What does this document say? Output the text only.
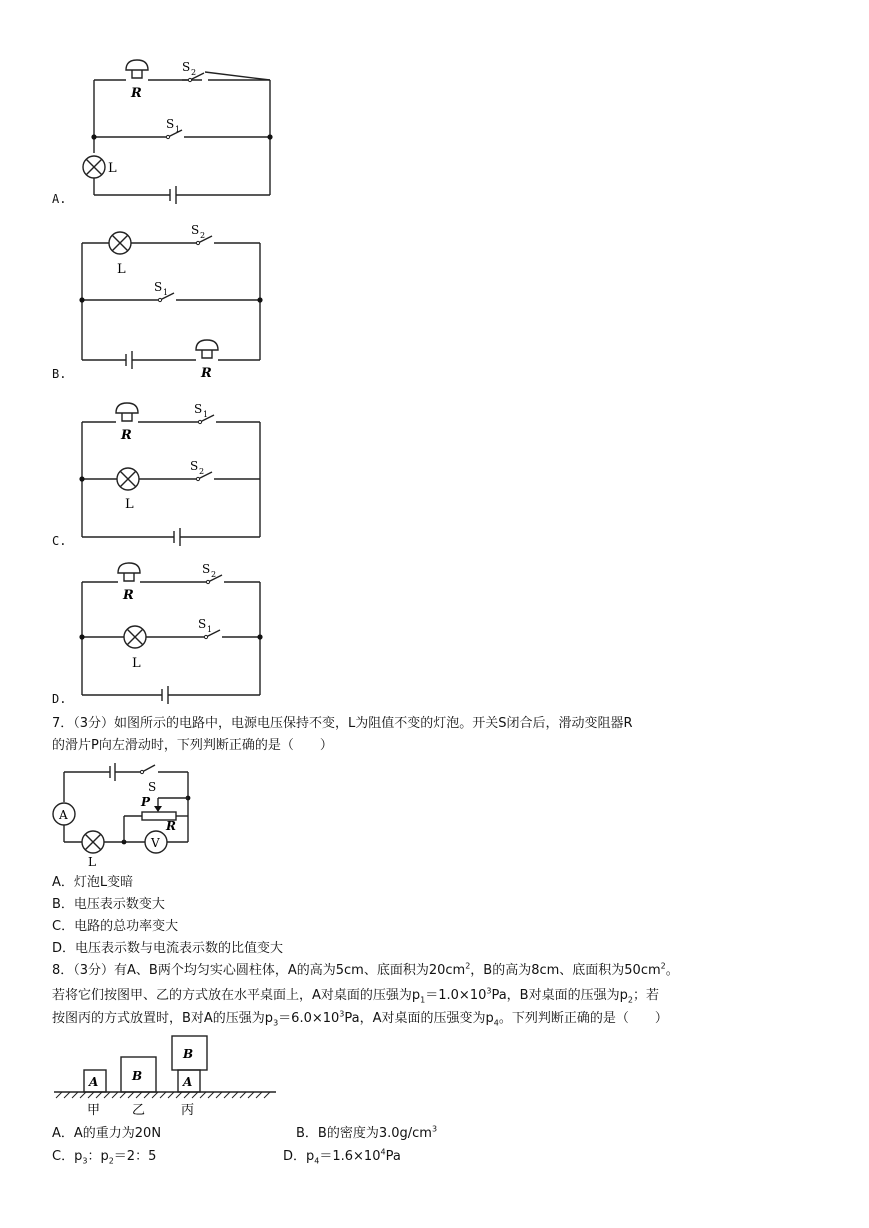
A.
R
S 2
S 1
L
B.
L
S 2
S 1
R
C.
R
S 1
L
S 2
D.
R
S 2
L
S 1
7．（3分）如图所示的电路中，电源电压保持不变，L为阻值不变的灯泡。开关S闭合后，滑动变阻器R
的滑片P向左滑动时，下列判断正确的是（　　）
S
A
L
V
P
R
A．灯泡L变暗
B．电压表示数变大
C．电路的总功率变大
D．电压表示数与电流表示数的比值变大
8．（3分）有A、B两个均匀实心圆柱体，A的高为5cm、底面积为$20cm^2$，B的高为8cm、底面积为$50cm^2$。
若将它们按图甲、乙的方式放在水平桌面上，A对桌面的压强为$p_1=1.0\times 10^3Pa$，B对桌面的压强为$p_2$；若
按图丙的方式放置时，B对A的压强为$p_3=6.0\times 10^3Pa$，A对桌面的压强变为$p_4$。下列判断正确的是（　　）
A	B
B
A
甲 乙	丙
A．A的重力为20N	B．B的密度为$3.0g/cm^3$
C．$p_3$：$p_2=2$：5	D．$p_4=1.6\times 10^4Pa$
